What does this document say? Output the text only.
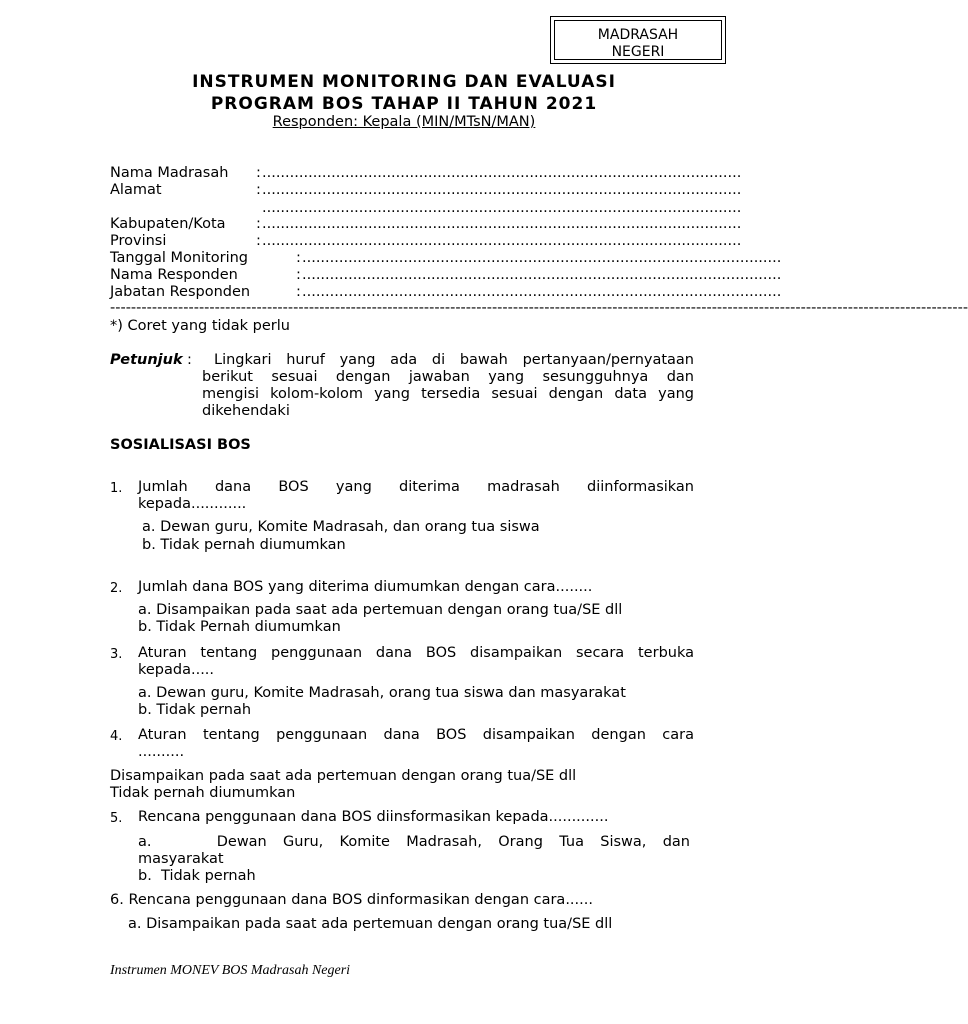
MADRASAH
NEGERI
INSTRUMEN MONITORING DAN EVALUASI
PROGRAM BOS TAHAP II TAHUN 2021
Responden: Kepala (MIN/MTsN/MAN)
Nama Madrasah : ........................................................................................................
Alamat	: ........................................................................................................
........................................................................................................
Kabupaten/Kota : ........................................................................................................
Provinsi	: ........................................................................................................
Tanggal Monitoring	: ........................................................................................................
Nama Responden	: ........................................................................................................
Jabatan Responden	: ........................................................................................................
--------------------------------------------------------------------------------------------------------------------------------------------------------------------
*) Coret yang tidak perlu
Petunjuk : Lingkari huruf yang ada di bawah pertanyaan/pernyataan
berikut sesuai dengan jawaban yang sesungguhnya dan
mengisi kolom-kolom yang tersedia sesuai dengan data yang
dikehendaki
SOSIALISASI BOS
1. Jumlah dana BOS yang diterima madrasah diinformasikan
kepada............
a. Dewan guru, Komite Madrasah, dan orang tua siswa
b. Tidak pernah diumumkan
2. Jumlah dana BOS yang diterima diumumkan dengan cara........
a. Disampaikan pada saat ada pertemuan dengan orang tua/SE dll
b. Tidak Pernah diumumkan
3. Aturan tentang penggunaan dana BOS disampaikan secara terbuka
kepada.....
a. Dewan guru, Komite Madrasah, orang tua siswa dan masyarakat
b. Tidak pernah
4. Aturan tentang penggunaan dana BOS disampaikan dengan cara
..........
Disampaikan pada saat ada pertemuan dengan orang tua/SE dll
Tidak pernah diumumkan
5. Rencana penggunaan dana BOS diinsformasikan kepada.............
a.    Dewan Guru, Komite Madrasah, Orang Tua Siswa, dan
masyarakat
b.  Tidak pernah
6. Rencana penggunaan dana BOS dinformasikan dengan cara......
a. Disampaikan pada saat ada pertemuan dengan orang tua/SE dll
Instrumen MONEV BOS Madrasah Negeri
